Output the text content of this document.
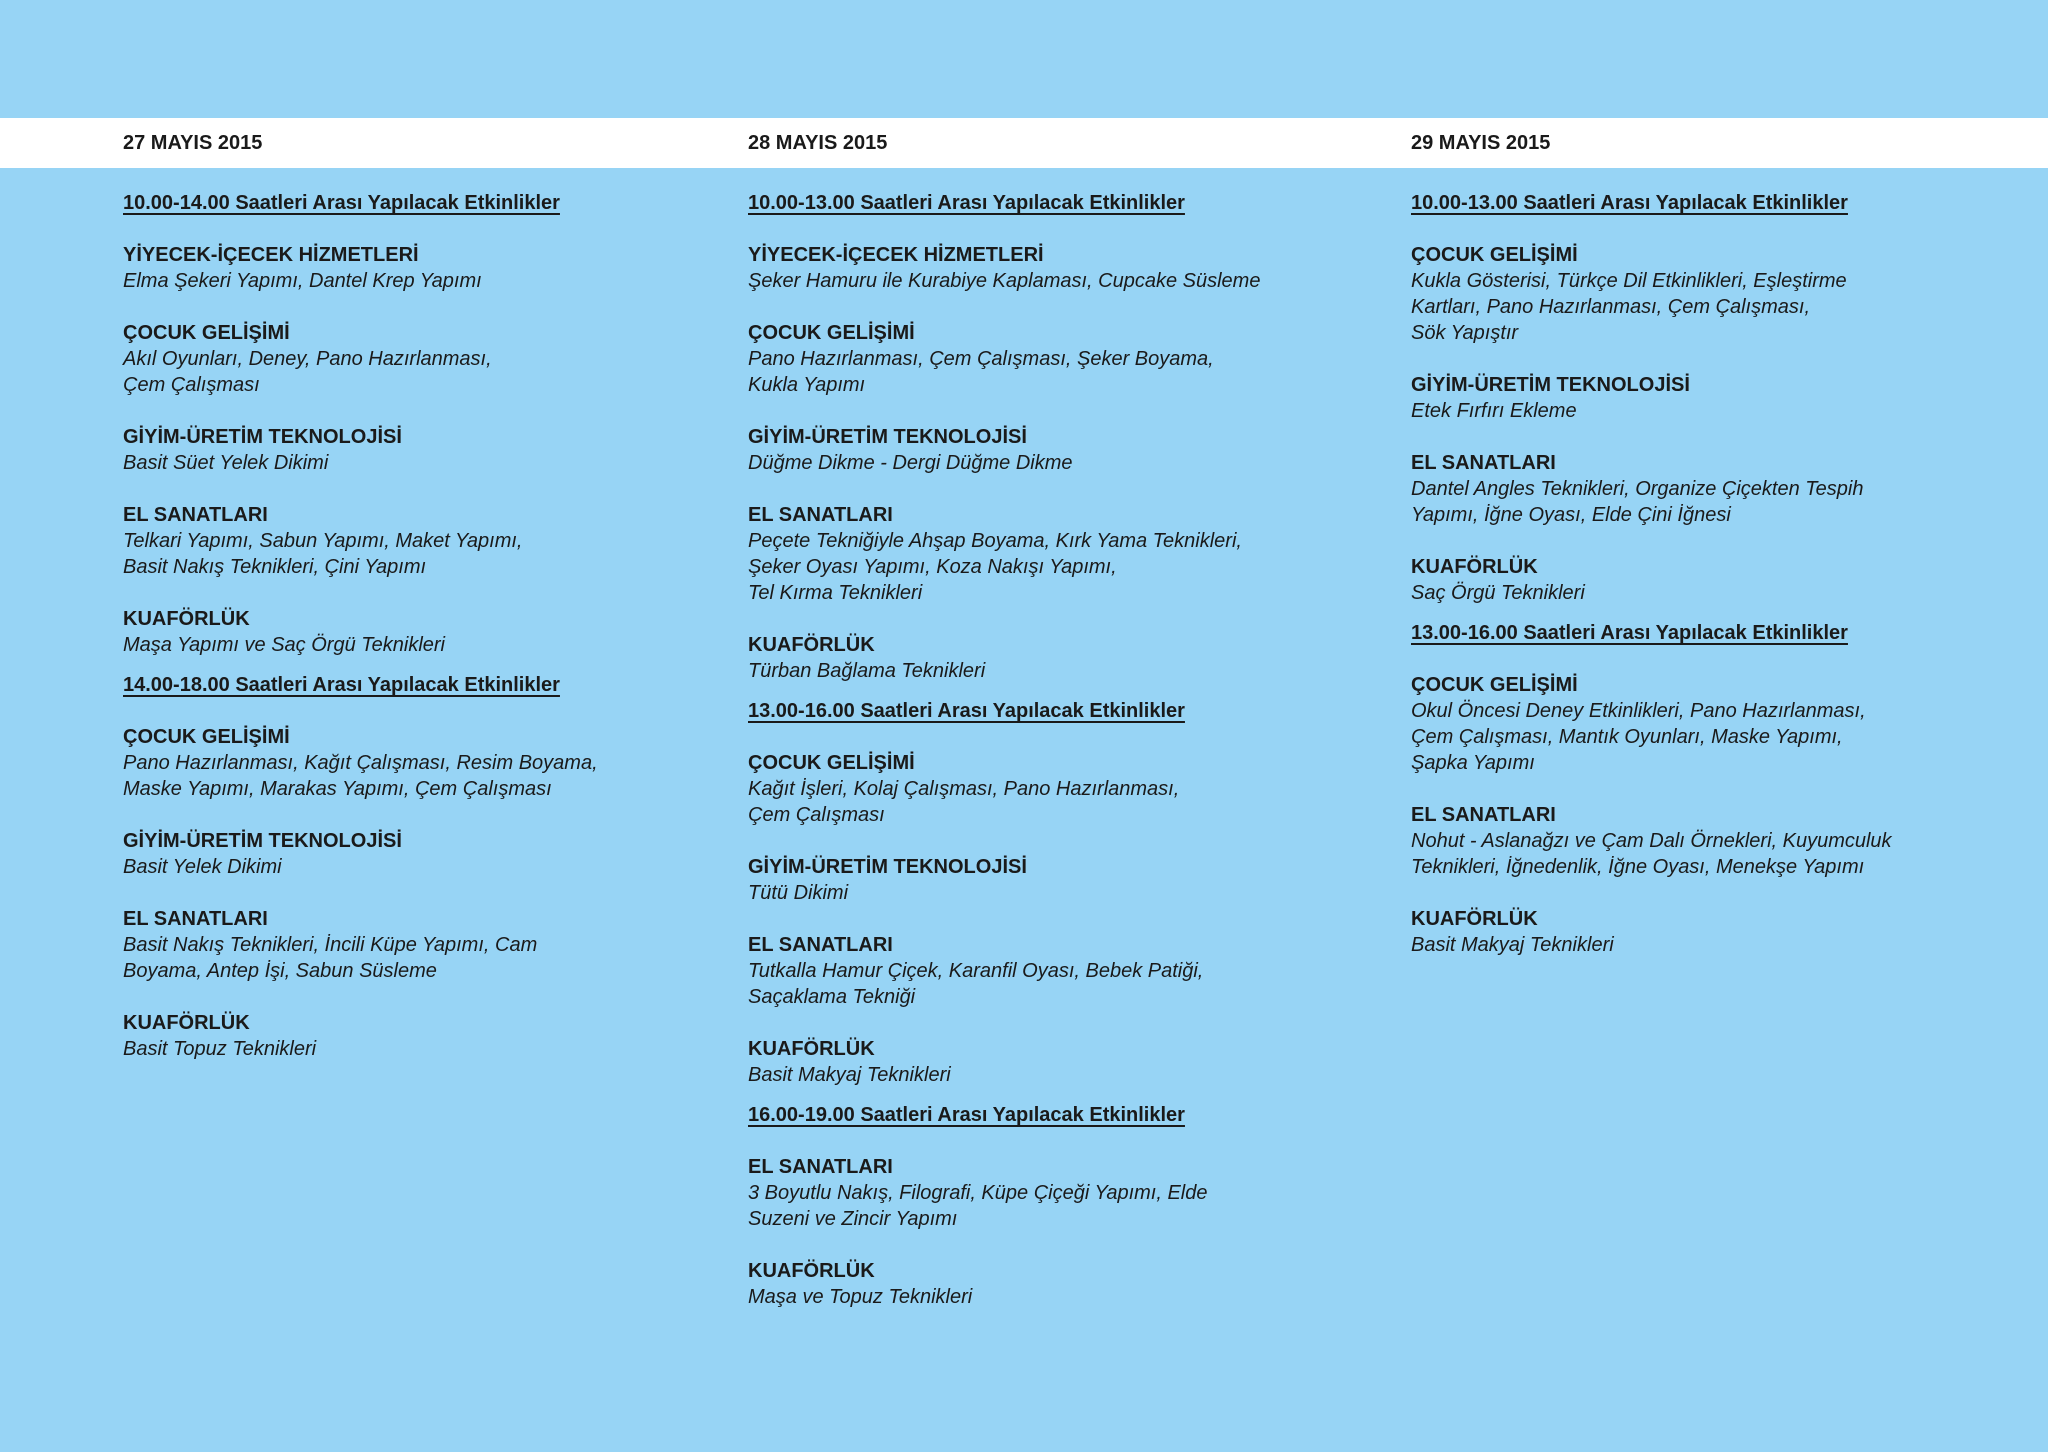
27 MAYIS 2015	28 MAYIS 2015	29 MAYIS 2015
10.00-14.00 Saatleri Arası Yapılacak Etkinlikler
YİYECEK-İÇECEK HİZMETLERİ
Elma Şekeri Yapımı, Dantel Krep Yapımı
ÇOCUK GELİŞİMİ
Akıl Oyunları, Deney, Pano Hazırlanması,
Çem Çalışması
GİYİM-ÜRETİM TEKNOLOJİSİ
Basit Süet Yelek Dikimi
EL SANATLARI
Telkari Yapımı, Sabun Yapımı, Maket Yapımı,
Basit Nakış Teknikleri, Çini Yapımı
KUAFÖRLÜK
Maşa Yapımı ve Saç Örgü Teknikleri
14.00-18.00 Saatleri Arası Yapılacak Etkinlikler
ÇOCUK GELİŞİMİ
Pano Hazırlanması, Kağıt Çalışması, Resim Boyama,
Maske Yapımı, Marakas Yapımı, Çem Çalışması
GİYİM-ÜRETİM TEKNOLOJİSİ
Basit Yelek Dikimi
EL SANATLARI
Basit Nakış Teknikleri, İncili Küpe Yapımı, Cam
Boyama, Antep İşi, Sabun Süsleme
KUAFÖRLÜK
Basit Topuz Teknikleri
10.00-13.00 Saatleri Arası Yapılacak Etkinlikler
YİYECEK-İÇECEK HİZMETLERİ
Şeker Hamuru ile Kurabiye Kaplaması, Cupcake Süsleme
ÇOCUK GELİŞİMİ
Pano Hazırlanması, Çem Çalışması, Şeker Boyama,
Kukla Yapımı
GİYİM-ÜRETİM TEKNOLOJİSİ
Düğme Dikme - Dergi Düğme Dikme
EL SANATLARI
Peçete Tekniğiyle Ahşap Boyama, Kırk Yama Teknikleri,
Şeker Oyası Yapımı, Koza Nakışı Yapımı,
Tel Kırma Teknikleri
KUAFÖRLÜK
Türban Bağlama Teknikleri
13.00-16.00 Saatleri Arası Yapılacak Etkinlikler
ÇOCUK GELİŞİMİ
Kağıt İşleri, Kolaj Çalışması, Pano Hazırlanması,
Çem Çalışması
GİYİM-ÜRETİM TEKNOLOJİSİ
Tütü Dikimi
EL SANATLARI
Tutkalla Hamur Çiçek, Karanfil Oyası, Bebek Patiği,
Saçaklama Tekniği
KUAFÖRLÜK
Basit Makyaj Teknikleri
16.00-19.00 Saatleri Arası Yapılacak Etkinlikler
EL SANATLARI
3 Boyutlu Nakış, Filografi, Küpe Çiçeği Yapımı, Elde
Suzeni ve Zincir Yapımı
KUAFÖRLÜK
Maşa ve Topuz Teknikleri
10.00-13.00 Saatleri Arası Yapılacak Etkinlikler
ÇOCUK GELİŞİMİ
Kukla Gösterisi, Türkçe Dil Etkinlikleri, Eşleştirme
Kartları, Pano Hazırlanması, Çem Çalışması,
Sök Yapıştır
GİYİM-ÜRETİM TEKNOLOJİSİ
Etek Fırfırı Ekleme
EL SANATLARI
Dantel Angles Teknikleri, Organize Çiçekten Tespih
Yapımı, İğne Oyası, Elde Çini İğnesi
KUAFÖRLÜK
Saç Örgü Teknikleri
13.00-16.00 Saatleri Arası Yapılacak Etkinlikler
ÇOCUK GELİŞİMİ
Okul Öncesi Deney Etkinlikleri, Pano Hazırlanması,
Çem Çalışması, Mantık Oyunları, Maske Yapımı,
Şapka Yapımı
EL SANATLARI
Nohut - Aslanağzı ve Çam Dalı Örnekleri, Kuyumculuk
Teknikleri, İğnedenlik, İğne Oyası, Menekşe Yapımı
KUAFÖRLÜK
Basit Makyaj Teknikleri
